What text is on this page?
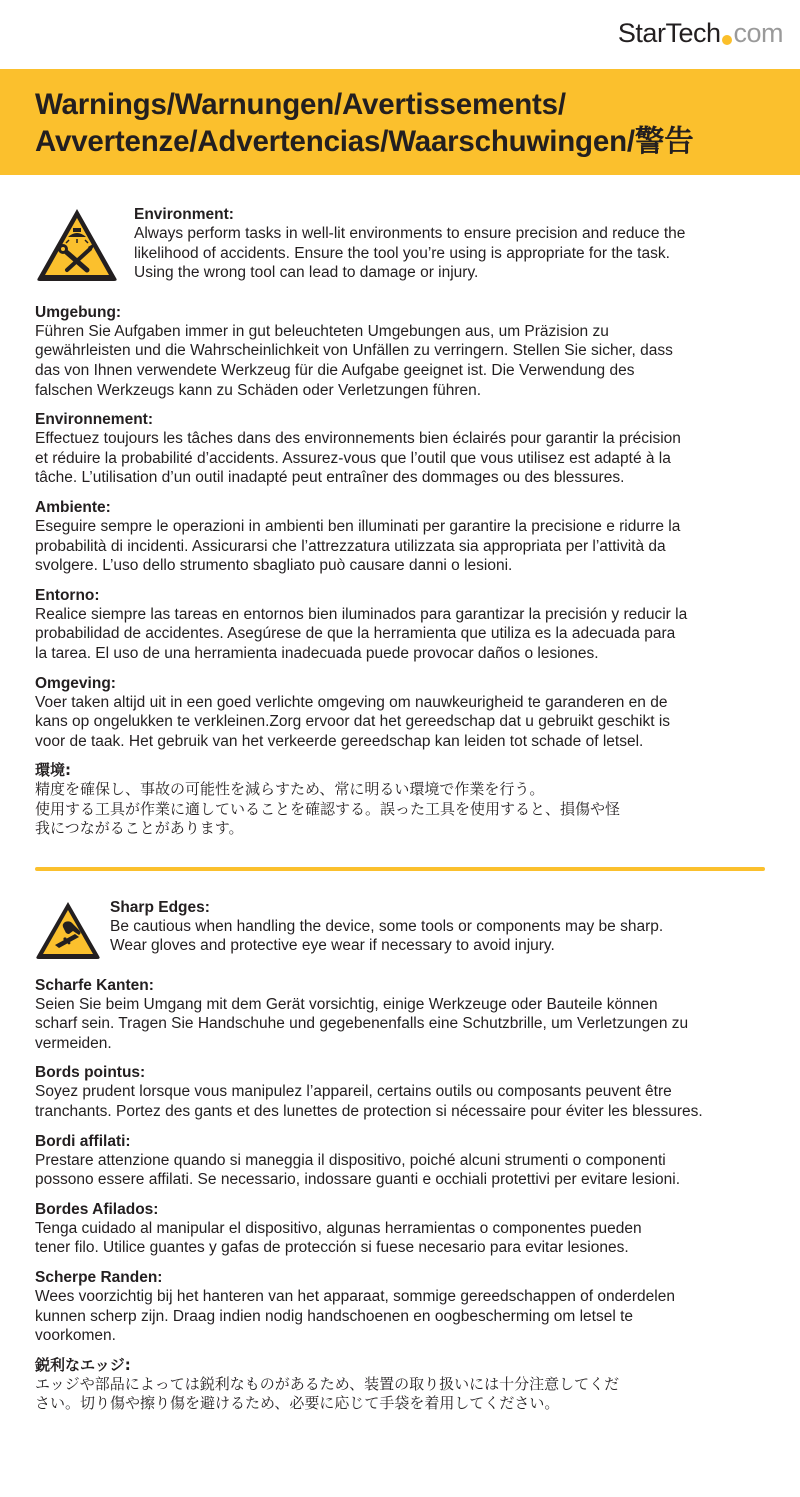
StarTech com
Warnings/Warnungen/Avertissements/
Avvertenze/Advertencias/Waarschuwingen/警告
Environment:
Always perform tasks in well-lit environments to ensure precision and reduce the
likelihood of accidents. Ensure the tool you’re using is appropriate for the task.
Using the wrong tool can lead to damage or injury.
Umgebung:
Führen Sie Aufgaben immer in gut beleuchteten Umgebungen aus, um Präzision zu
gewährleisten und die Wahrscheinlichkeit von Unfällen zu verringern. Stellen Sie sicher, dass
das von Ihnen verwendete Werkzeug für die Aufgabe geeignet ist. Die Verwendung des
falschen Werkzeugs kann zu Schäden oder Verletzungen führen.
Environnement:
Effectuez toujours les tâches dans des environnements bien éclairés pour garantir la précision
et réduire la probabilité d’accidents. Assurez-vous que l’outil que vous utilisez est adapté à la
tâche. L’utilisation d’un outil inadapté peut entraîner des dommages ou des blessures.
Ambiente:
Eseguire sempre le operazioni in ambienti ben illuminati per garantire la precisione e ridurre la
probabilità di incidenti. Assicurarsi che l’attrezzatura utilizzata sia appropriata per l’attività da
svolgere. L’uso dello strumento sbagliato può causare danni o lesioni.
Entorno:
Realice siempre las tareas en entornos bien iluminados para garantizar la precisión y reducir la
probabilidad de accidentes. Asegúrese de que la herramienta que utiliza es la adecuada para
la tarea. El uso de una herramienta inadecuada puede provocar daños o lesiones.
Omgeving:
Voer taken altijd uit in een goed verlichte omgeving om nauwkeurigheid te garanderen en de
kans op ongelukken te verkleinen.Zorg ervoor dat het gereedschap dat u gebruikt geschikt is
voor de taak. Het gebruik van het verkeerde gereedschap kan leiden tot schade of letsel.
環境:
精度を確保し、事故の可能性を減らすため、常に明るい環境で作業を行う。
使用する工具が作業に適していることを確認する。誤った工具を使用すると、損傷や怪
我につながることがあります。
Sharp Edges:
Be cautious when handling the device, some tools or components may be sharp.
Wear gloves and protective eye wear if necessary to avoid injury.
Scharfe Kanten:
Seien Sie beim Umgang mit dem Gerät vorsichtig, einige Werkzeuge oder Bauteile können
scharf sein. Tragen Sie Handschuhe und gegebenenfalls eine Schutzbrille, um Verletzungen zu
vermeiden.
Bords pointus:
Soyez prudent lorsque vous manipulez l’appareil, certains outils ou composants peuvent être
tranchants. Portez des gants et des lunettes de protection si nécessaire pour éviter les blessures.
Bordi affilati:
Prestare attenzione quando si maneggia il dispositivo, poiché alcuni strumenti o componenti
possono essere affilati. Se necessario, indossare guanti e occhiali protettivi per evitare lesioni.
Bordes Afilados:
Tenga cuidado al manipular el dispositivo, algunas herramientas o componentes pueden
tener filo. Utilice guantes y gafas de protección si fuese necesario para evitar lesiones.
Scherpe Randen:
Wees voorzichtig bij het hanteren van het apparaat, sommige gereedschappen of onderdelen
kunnen scherp zijn. Draag indien nodig handschoenen en oogbescherming om letsel te
voorkomen.
鋭利なエッジ:
エッジや部品によっては鋭利なものがあるため、装置の取り扱いには十分注意してくだ
さい。切り傷や擦り傷を避けるため、必要に応じて手袋を着用してください。
